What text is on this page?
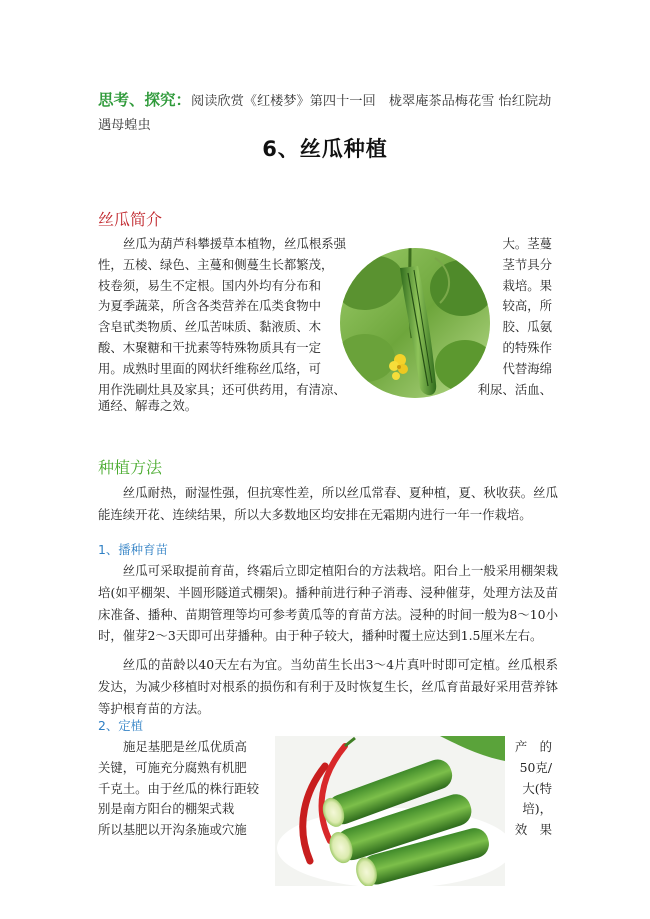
思考、探究：阅读欣赏《红楼梦》第四十一回　栊翠庵茶品梅花雪 怡红院劫遇母蝗虫
6、丝瓜种植
丝瓜简介
丝瓜为葫芦科攀援草本植物，丝瓜根系强	大。茎蔓
性，五棱、绿色、主蔓和侧蔓生长都繁茂，	茎节具分
枝卷须，易生不定根。国内外均有分布和	栽培。果
为夏季蔬菜，所含各类营养在瓜类食物中	较高，所
含皂甙类物质、丝瓜苦味质、黏液质、木	胶、瓜氨
酸、木聚糖和干扰素等特殊物质具有一定	的特殊作
用。成熟时里面的网状纤维称丝瓜络，可	代替海绵
用作洗刷灶具及家具；还可供药用，有清凉、	利尿、活血、

通经、解毒之效。

种植方法

丝瓜耐热，耐湿性强，但抗寒性差，所以丝瓜常春、夏种植，夏、秋收获。丝瓜能连续开花、连续结果，所以大多数地区均安排在无霜期内进行一年一作栽培。

1、播种育苗

丝瓜可采取提前育苗，终霜后立即定植阳台的方法栽培。阳台上一般采用棚架栽培(如平棚架、半圆形隧道式棚架)。播种前进行种子消毒、浸种催芽，处理方法及苗床准备、播种、苗期管理等均可参考黄瓜等的育苗方法。浸种的时间一般为8～10小时，催芽2～3天即可出芽播种。由于种子较大，播种时覆土应达到1.5厘米左右。

丝瓜的苗龄以40天左右为宜。当幼苗生长出3～4片真叶时即可定植。丝瓜根系发达，为减少移植时对根系的损伤和有利于及时恢复生长，丝瓜育苗最好采用营养钵等护根育苗的方法。

2、定植
施足基肥是丝瓜优质高	产　的
关键，可施充分腐熟有机肥	50克/
千克土。由于丝瓜的株行距较	大(特
别是南方阳台的棚架式栽	培)，
所以基肥以开沟条施或穴施	效　果
